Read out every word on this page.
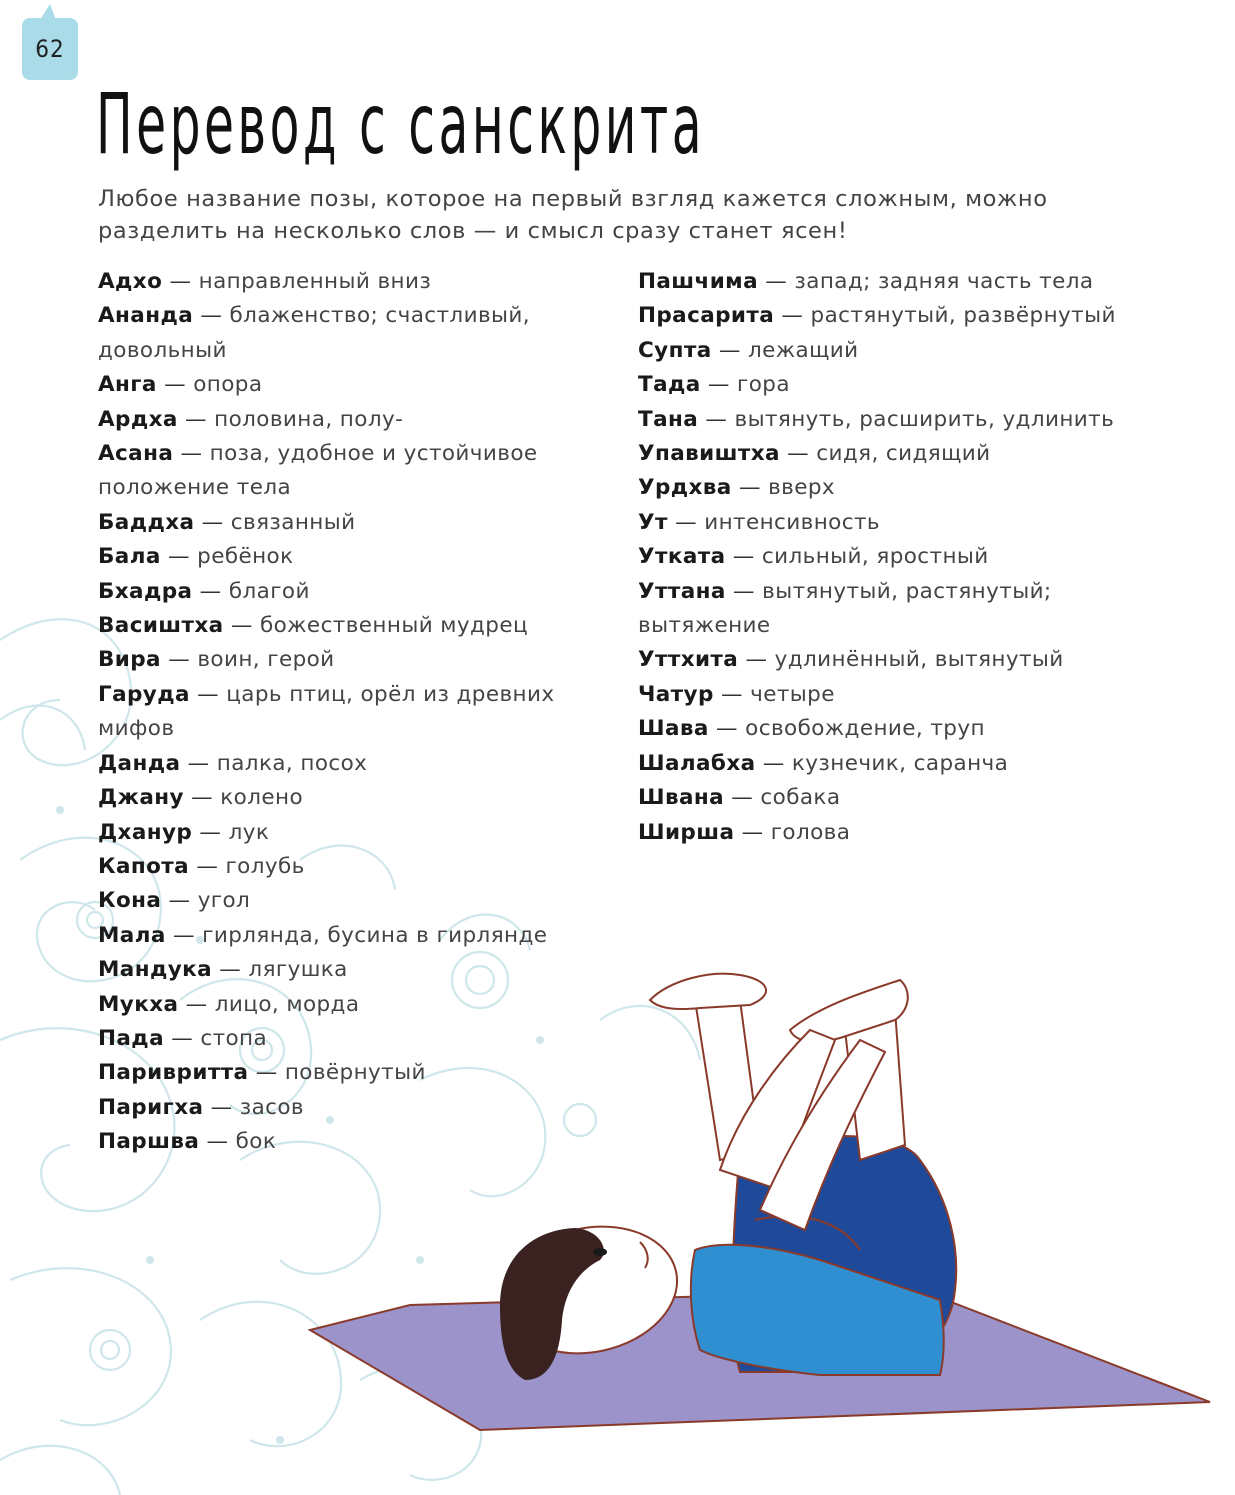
62
Перевод с санскрита

Любое название позы, которое на первый взгляд кажется сложным, можно разделить на несколько слов — и смысл сразу станет ясен!

Адхо — направленный вниз

Ананда — блаженство; счастливый, довольный

Анга — опора

Ардха — половина, полу-

Асана — поза, удобное и устойчивое положение тела

Баддха — связанный

Бала — ребёнок

Бхадра — благой

Васиштха — божественный мудрец

Вира — воин, герой

Гаруда — царь птиц, орёл из древних мифов

Данда — палка, посох

Джану — колено

Дханур — лук

Капота — голубь

Кона — угол

Мала — гирлянда, бусина в гирлянде

Мандука — лягушка

Мукха — лицо, морда

Пада — стопа

Паривритта — повёрнутый

Паригха — засов

Паршва — бок

Пашчима — запад; задняя часть тела

Прасарита — растянутый, развёрнутый

Супта — лежащий

Тада — гора

Тана — вытянуть, расширить, удлинить

Упавиштха — сидя, сидящий

Урдхва — вверх

Ут — интенсивность

Утката — сильный, яростный

Уттана — вытянутый, растянутый; вытяжение

Уттхита — удлинённый, вытянутый

Чатур — четыре

Шава — освобождение, труп

Шалабха — кузнечик, саранча

Швана — собака

Ширша — голова
